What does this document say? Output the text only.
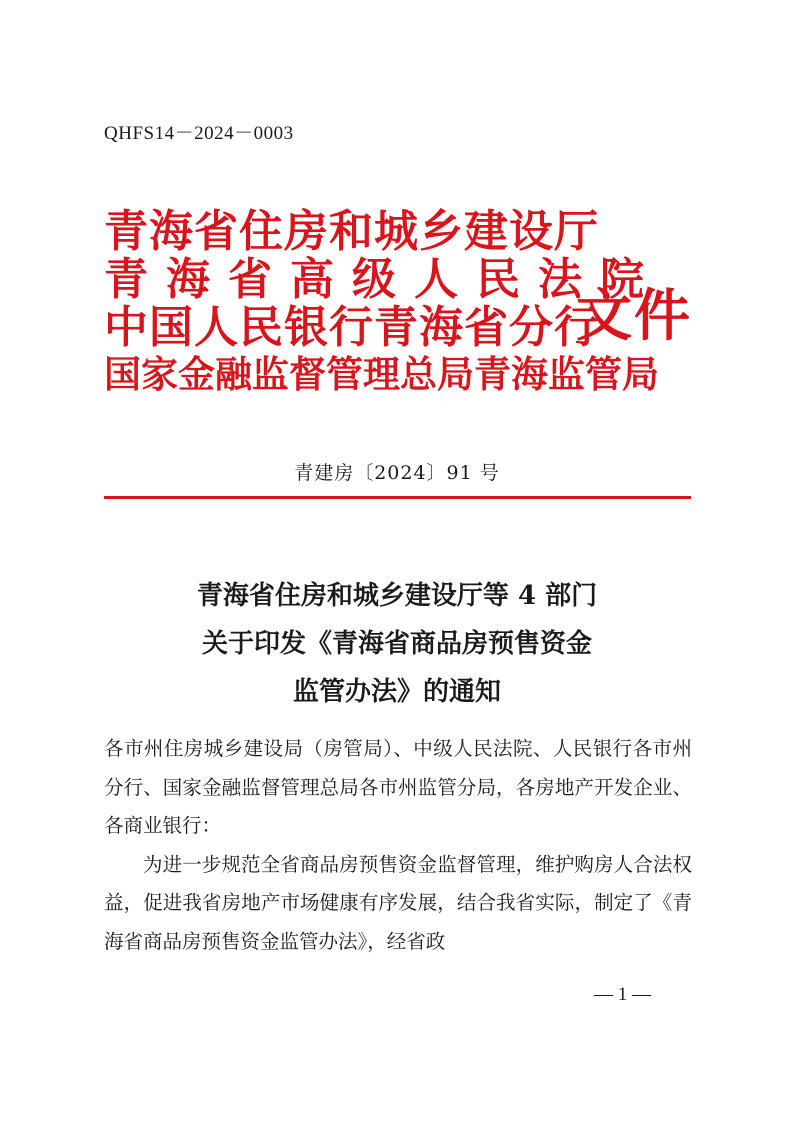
QHFS14－2024－0003
青海省住房和城乡建设厅
青海省高级人民法院
中国人民银行青海省分行
国家金融监督管理总局青海监管局
文件
青建房〔2024〕91 号
青海省住房和城乡建设厅等 4 部门
关于印发《青海省商品房预售资金
监管办法》的通知
各市州住房城乡建设局（房管局）、中级人民法院、人民银行各市州分行、国家金融监督管理总局各市州监管分局，各房地产开发企业、各商业银行：
为进一步规范全省商品房预售资金监督管理，维护购房人合法权益，促进我省房地产市场健康有序发展，结合我省实际，制定了《青海省商品房预售资金监管办法》，经省政
— 1 —
